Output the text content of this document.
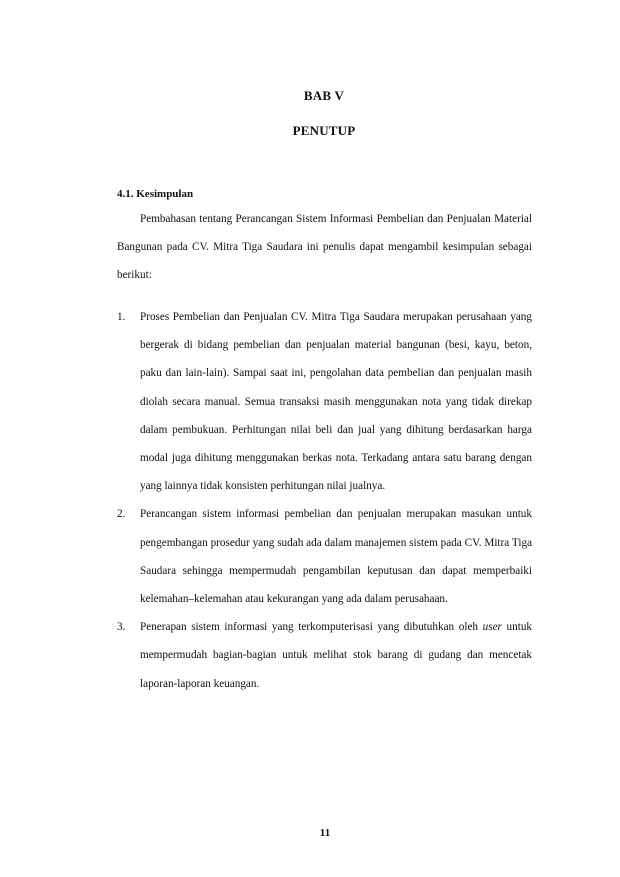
BAB V
PENUTUP
4.1. Kesimpulan
Pembahasan tentang Perancangan Sistem Informasi Pembelian dan Penjualan Material Bangunan pada CV. Mitra Tiga Saudara ini penulis dapat mengambil kesimpulan sebagai berikut:
1. Proses Pembelian dan Penjualan CV. Mitra Tiga Saudara merupakan perusahaan yang bergerak di bidang pembelian dan penjualan material bangunan (besi, kayu, beton, paku dan lain-lain). Sampai saat ini, pengolahan data pembelian dan penjualan masih diolah secara manual. Semua transaksi masih menggunakan nota yang tidak direkap dalam pembukuan. Perhitungan nilai beli dan jual yang dihitung berdasarkan harga modal juga dihitung menggunakan berkas nota. Terkadang antara satu barang dengan yang lainnya tidak konsisten perhitungan nilai jualnya.
2. Perancangan sistem informasi pembelian dan penjualan merupakan masukan untuk pengembangan prosedur yang sudah ada dalam manajemen sistem pada CV. Mitra Tiga Saudara sehingga mempermudah pengambilan keputusan dan dapat memperbaiki kelemahan–kelemahan atau kekurangan yang ada dalam perusahaan.
3. Penerapan sistem informasi yang terkomputerisasi yang dibutuhkan oleh user untuk mempermudah bagian-bagian untuk melihat stok barang di gudang dan mencetak laporan-laporan keuangan.
11
